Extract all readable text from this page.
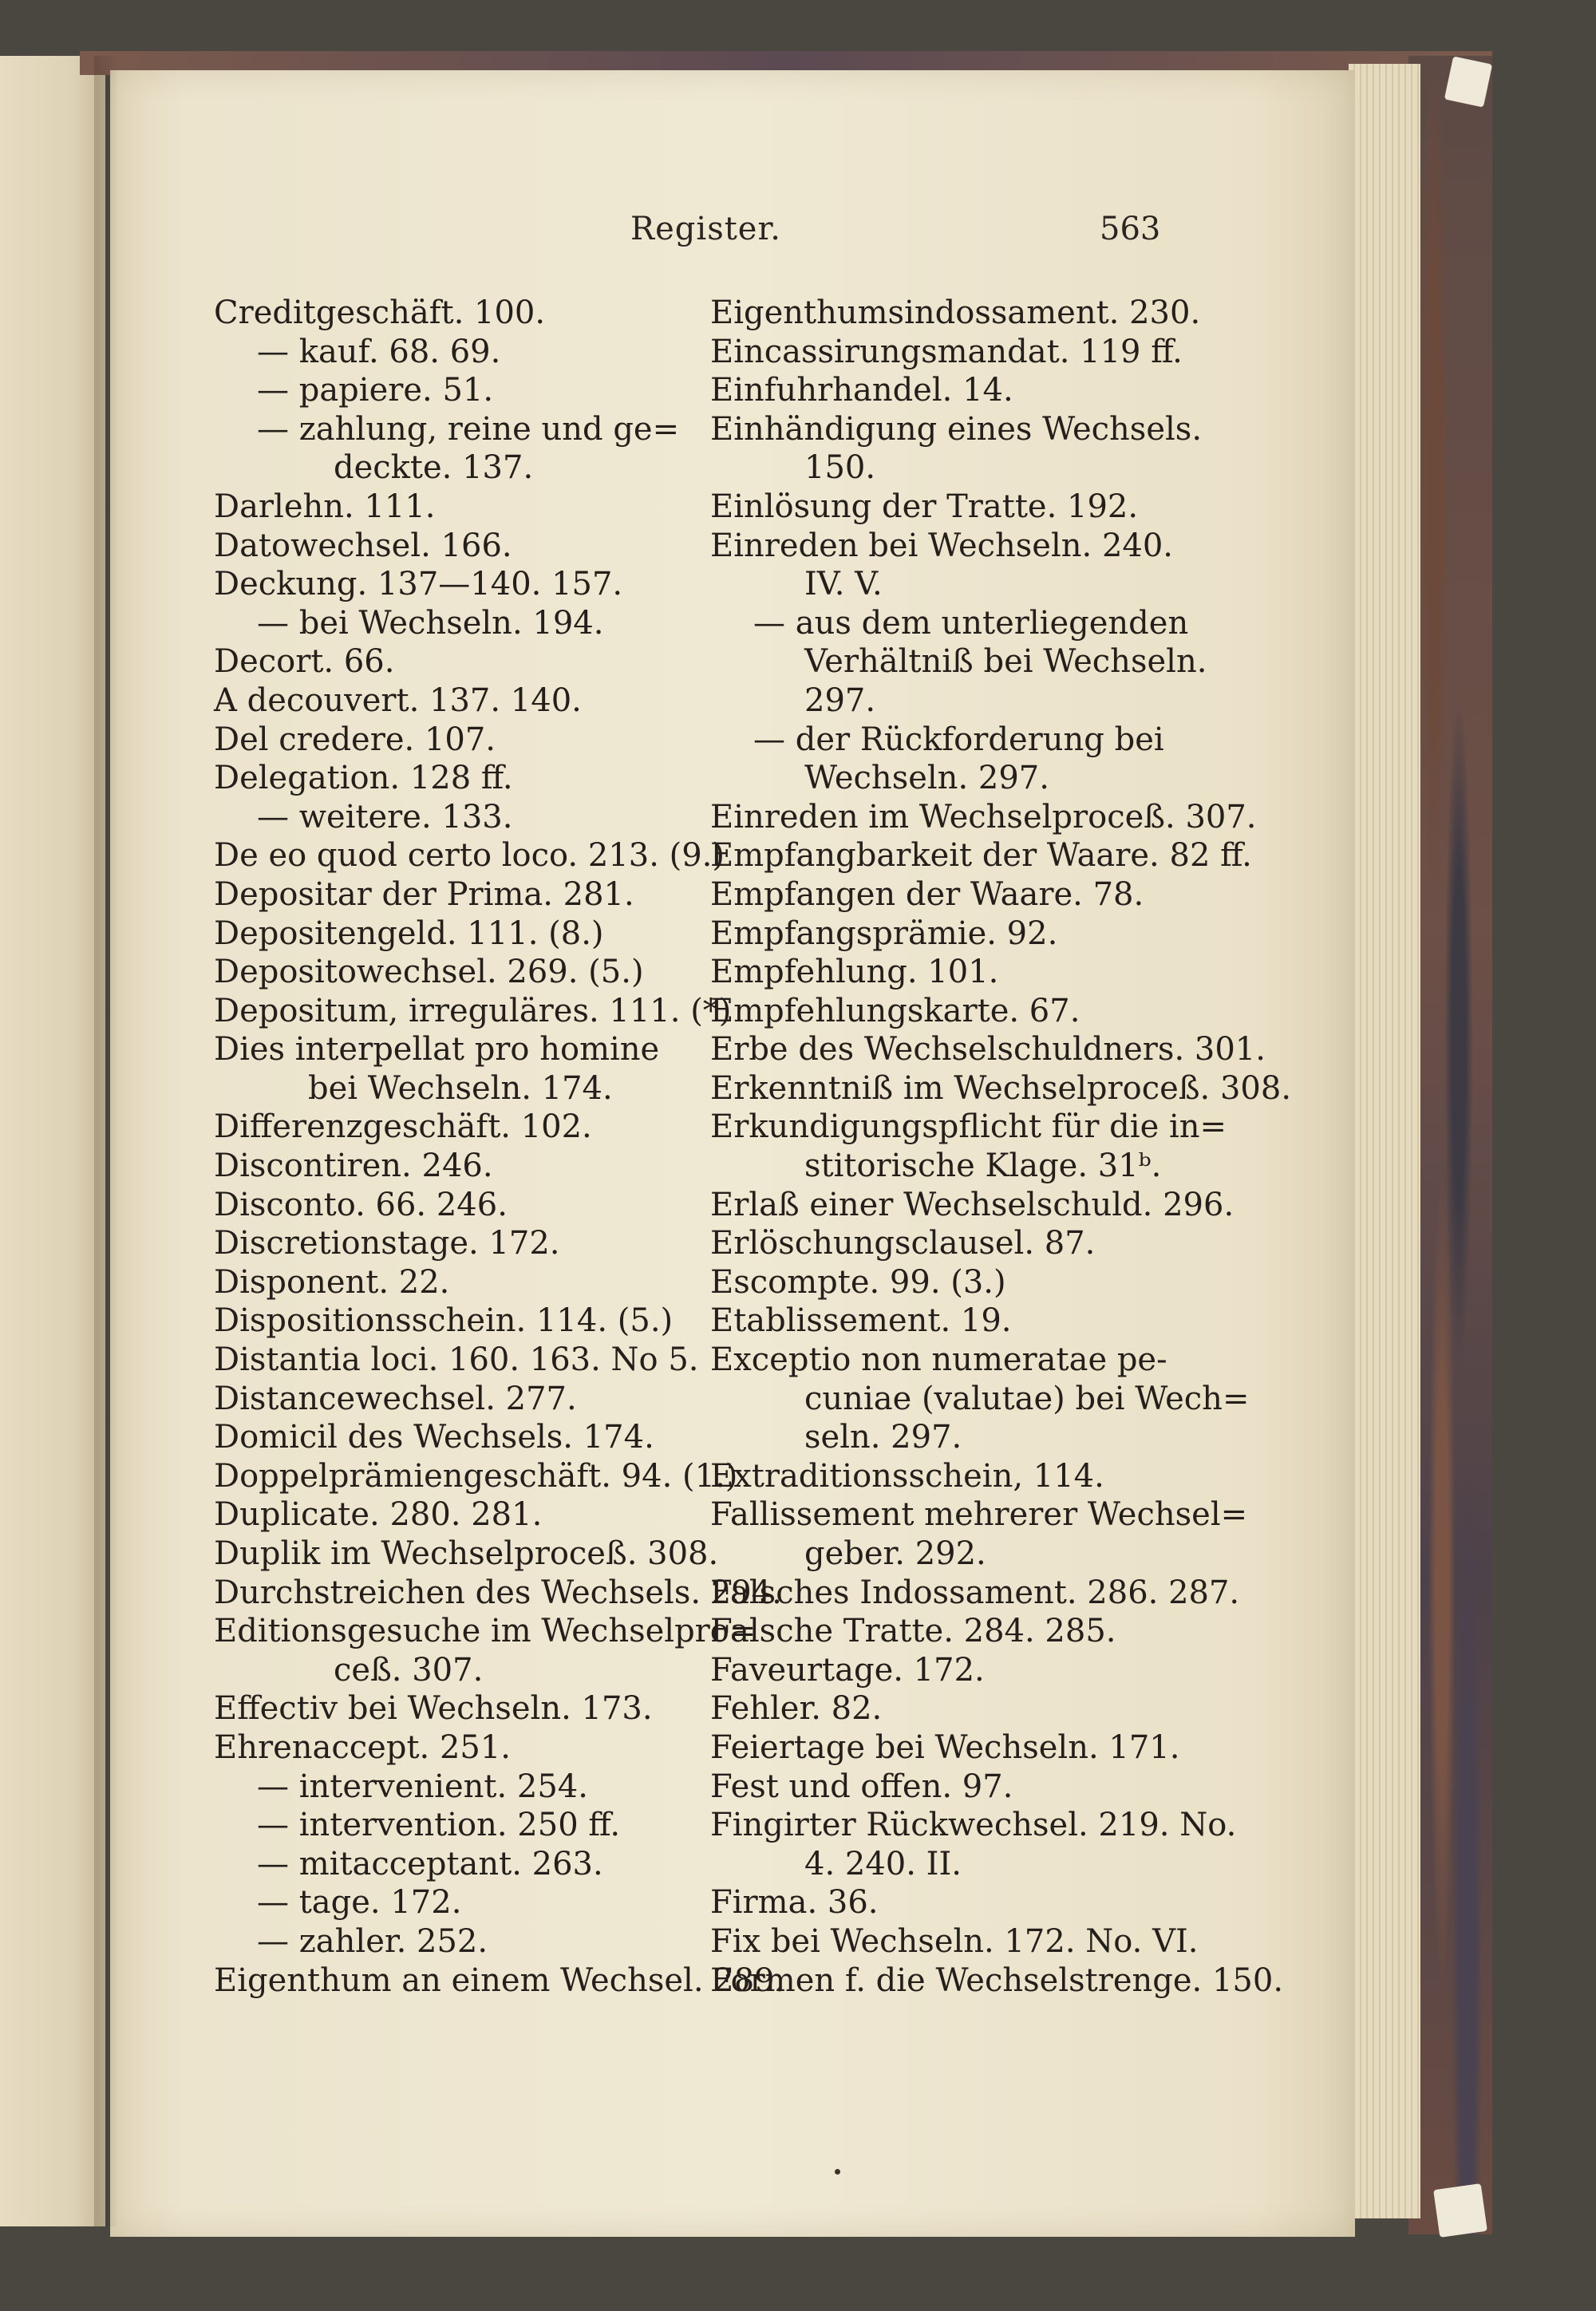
Register.	563
Creditgeschäft. 100.
— kauf. 68. 69.
— papiere. 51.
— zahlung, reine und ge=
deckte. 137.
Darlehn. 111.
Datowechsel. 166.
Deckung. 137—140. 157.
— bei Wechseln. 194.
Decort. 66.
A decouvert. 137. 140.
Del credere. 107.
Delegation. 128 ff.
— weitere. 133.
De eo quod certo loco. 213. (9.)
Depositar der Prima. 281.
Depositengeld. 111. (8.)
Depositowechsel. 269. (5.)
Depositum, irreguläres. 111. (*)
Dies interpellat pro homine
bei Wechseln. 174.
Differenzgeschäft. 102.
Discontiren. 246.
Disconto. 66. 246.
Discretionstage. 172.
Disponent. 22.
Dispositionsschein. 114. (5.)
Distantia loci. 160. 163. No 5.
Distancewechsel. 277.
Domicil des Wechsels. 174.
Doppelprämiengeschäft. 94. (1.)
Duplicate. 280. 281.
Duplik im Wechselproceß. 308.
Durchstreichen des Wechsels. 294.
Editionsgesuche im Wechselpro=
ceß. 307.
Effectiv bei Wechseln. 173.
Ehrenaccept. 251.
— intervenient. 254.
— intervention. 250 ff.
— mitacceptant. 263.
— tage. 172.
— zahler. 252.
Eigenthum an einem Wechsel. 289.
Eigenthumsindossament. 230.
Eincassirungsmandat. 119 ff.
Einfuhrhandel. 14.
Einhändigung eines Wechsels.
150.
Einlösung der Tratte. 192.
Einreden bei Wechseln. 240.
IV. V.
— aus dem unterliegenden
Verhältniß bei Wechseln.
297.
— der Rückforderung bei
Wechseln. 297.
Einreden im Wechselproceß. 307.
Empfangbarkeit der Waare. 82 ff.
Empfangen der Waare. 78.
Empfangsprämie. 92.
Empfehlung. 101.
Empfehlungskarte. 67.
Erbe des Wechselschuldners. 301.
Erkenntniß im Wechselproceß. 308.
Erkundigungspflicht für die in=
stitorische Klage. 31ᵇ.
Erlaß einer Wechselschuld. 296.
Erlöschungsclausel. 87.
Escompte. 99. (3.)
Etablissement. 19.
Exceptio non numeratae pe-
cuniae (valutae) bei Wech=
seln. 297.
Extraditionsschein, 114.
Fallissement mehrerer Wechsel=
geber. 292.
Falsches Indossament. 286. 287.
Falsche Tratte. 284. 285.
Faveurtage. 172.
Fehler. 82.
Feiertage bei Wechseln. 171.
Fest und offen. 97.
Fingirter Rückwechsel. 219. No.
4. 240. II.
Firma. 36.
Fix bei Wechseln. 172. No. VI.
Formen f. die Wechselstrenge. 150.
